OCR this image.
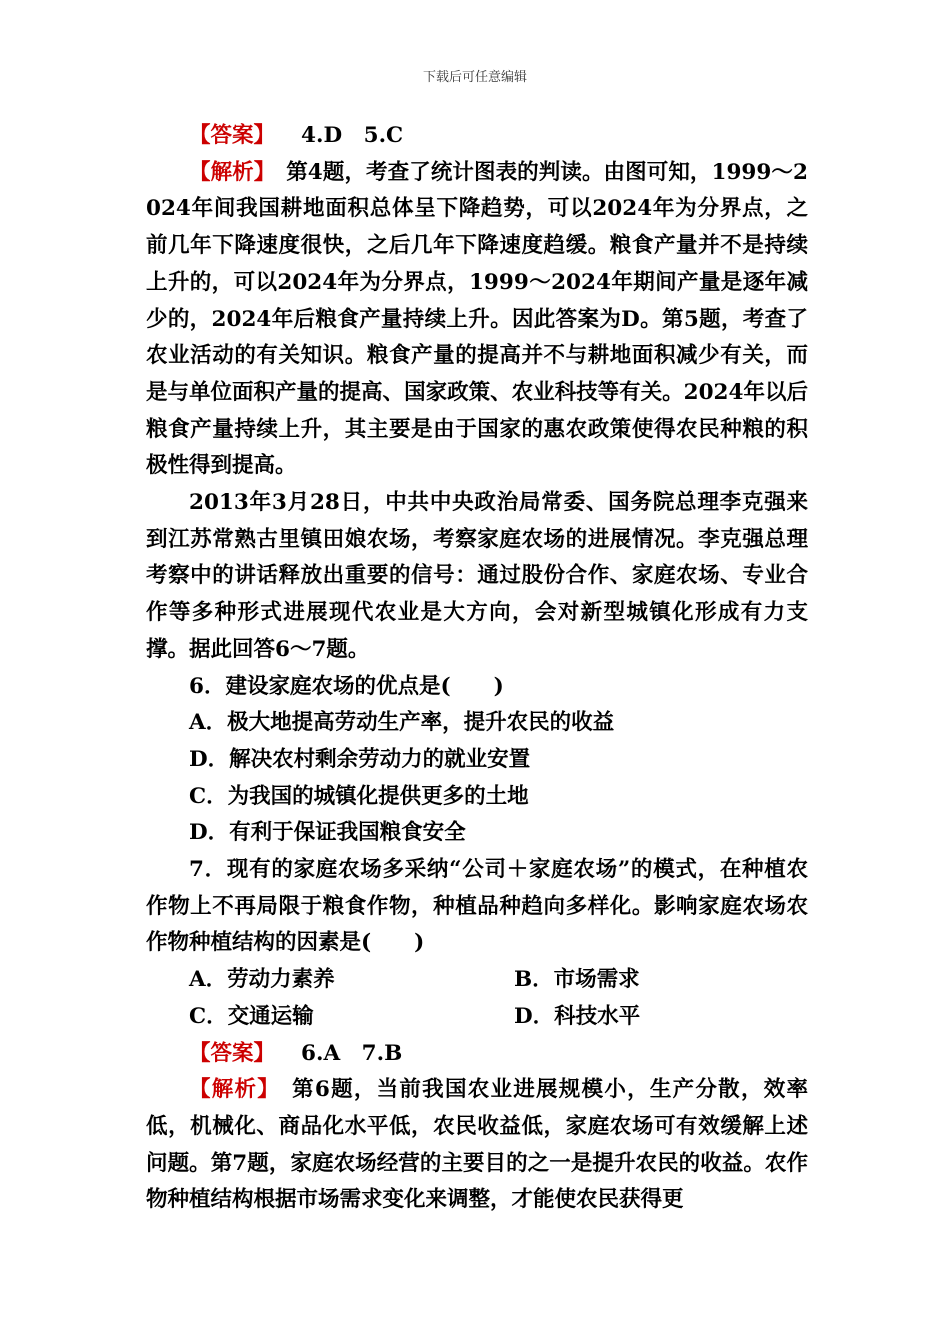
下载后可任意编辑

【答案】 4.D　5.C

【解析】　第4题，考查了统计图表的判读。由图可知，1999～2024年间我国耕地面积总体呈下降趋势，可以2024年为分界点，之前几年下降速度很快，之后几年下降速度趋缓。粮食产量并不是持续上升的，可以2024年为分界点，1999～2024年期间产量是逐年减少的，2024年后粮食产量持续上升。因此答案为D。第5题，考查了农业活动的有关知识。粮食产量的提高并不与耕地面积减少有关，而是与单位面积产量的提高、国家政策、农业科技等有关。2024年以后粮食产量持续上升，其主要是由于国家的惠农政策使得农民种粮的积极性得到提高。

2013年3月28日，中共中央政治局常委、国务院总理李克强来到江苏常熟古里镇田娘农场，考察家庭农场的进展情况。李克强总理考察中的讲话释放出重要的信号：通过股份合作、家庭农场、专业合作等多种形式进展现代农业是大方向，会对新型城镇化形成有力支撑。据此回答6～7题。

6．建设家庭农场的优点是(　　)

A．极大地提高劳动生产率，提升农民的收益
D．解决农村剩余劳动力的就业安置
C．为我国的城镇化提供更多的土地
D．有利于保证我国粮食安全

7．现有的家庭农场多采纳“公司＋家庭农场”的模式，在种植农作物上不再局限于粮食作物，种植品种趋向多样化。影响家庭农场农作物种植结构的因素是(　　)

A．劳动力素养	B．市场需求
C．交通运输	D．科技水平

【答案】 6.A　7.B

【解析】　第6题，当前我国农业进展规模小，生产分散，效率低，机械化、商品化水平低，农民收益低，家庭农场可有效缓解上述问题。第7题，家庭农场经营的主要目的之一是提升农民的收益。农作物种植结构根据市场需求变化来调整，才能使农民获得更
